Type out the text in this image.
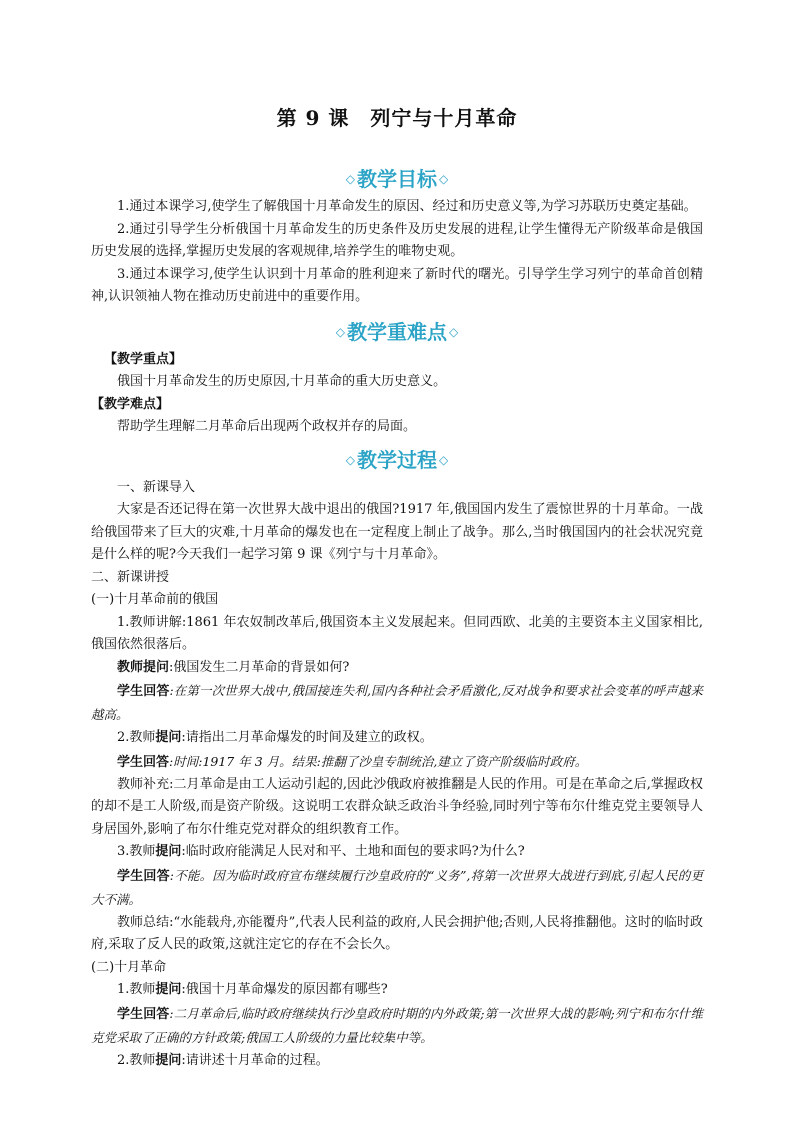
第 9 课　列宁与十月革命
◇ 教学目标 ◇

1.通过本课学习,使学生了解俄国十月革命发生的原因、经过和历史意义等,为学习苏联历史奠定基础。

2.通过引导学生分析俄国十月革命发生的历史条件及历史发展的进程,让学生懂得无产阶级革命是俄国历史发展的选择,掌握历史发展的客观规律,培养学生的唯物史观。

3.通过本课学习,使学生认识到十月革命的胜利迎来了新时代的曙光。引导学生学习列宁的革命首创精神,认识领袖人物在推动历史前进中的重要作用。

◇ 教学重难点 ◇

【教学重点】

俄国十月革命发生的历史原因,十月革命的重大历史意义。

【教学难点】

帮助学生理解二月革命后出现两个政权并存的局面。

◇ 教学过程 ◇

一、新课导入

大家是否还记得在第一次世界大战中退出的俄国?1917 年,俄国国内发生了震惊世界的十月革命。一战给俄国带来了巨大的灾难,十月革命的爆发也在一定程度上制止了战争。那么,当时俄国国内的社会状况究竟是什么样的呢?今天我们一起学习第 9 课《列宁与十月革命》。

二、新课讲授

(一)十月革命前的俄国

1.教师讲解:1861 年农奴制改革后,俄国资本主义发展起来。但同西欧、北美的主要资本主义国家相比,俄国依然很落后。

教师提问:俄国发生二月革命的背景如何?

学生回答:在第一次世界大战中,俄国接连失利,国内各种社会矛盾激化,反对战争和要求社会变革的呼声越来越高。

2.教师提问:请指出二月革命爆发的时间及建立的政权。

学生回答:时间:1917 年 3 月。结果:推翻了沙皇专制统治,建立了资产阶级临时政府。

教师补充:二月革命是由工人运动引起的,因此沙俄政府被推翻是人民的作用。可是在革命之后,掌握政权的却不是工人阶级,而是资产阶级。这说明工农群众缺乏政治斗争经验,同时列宁等布尔什维克党主要领导人身居国外,影响了布尔什维克党对群众的组织教育工作。

3.教师提问:临时政府能满足人民对和平、土地和面包的要求吗?为什么?

学生回答:不能。因为临时政府宣布继续履行沙皇政府的“义务”,将第一次世界大战进行到底,引起人民的更大不满。

教师总结:“水能载舟,亦能覆舟”,代表人民利益的政府,人民会拥护他;否则,人民将推翻他。这时的临时政府,采取了反人民的政策,这就注定它的存在不会长久。

(二)十月革命

1.教师提问:俄国十月革命爆发的原因都有哪些?

学生回答:二月革命后,临时政府继续执行沙皇政府时期的内外政策;第一次世界大战的影响;列宁和布尔什维克党采取了正确的方针政策;俄国工人阶级的力量比较集中等。

2.教师提问:请讲述十月革命的过程。
